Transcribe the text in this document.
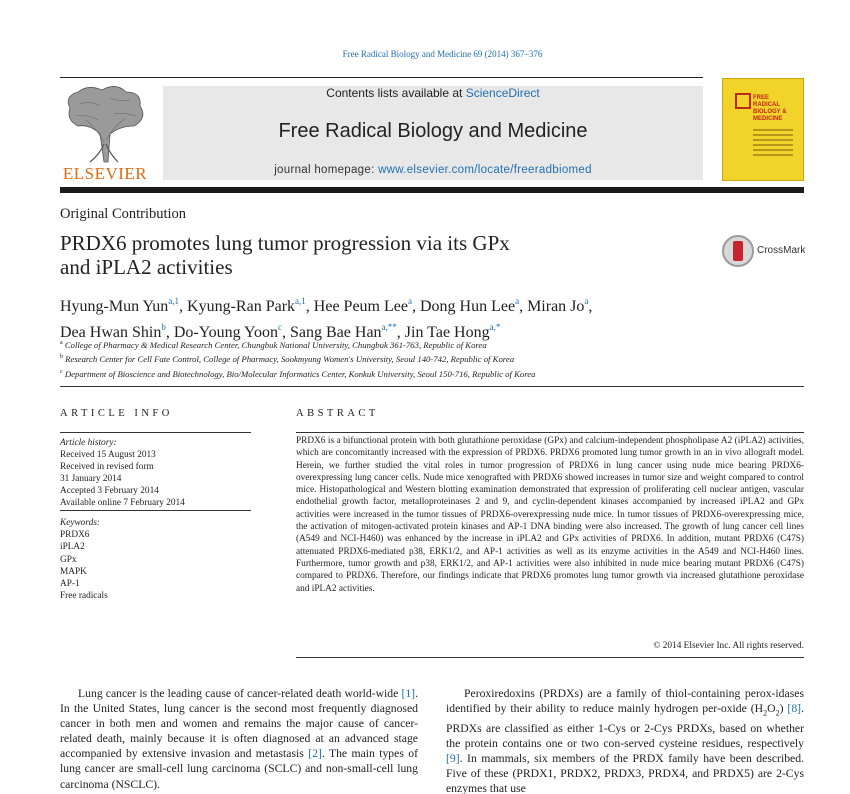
Free Radical Biology and Medicine 69 (2014) 367–376
ELSEVIER
Contents lists available at ScienceDirect
Free Radical Biology and Medicine
journal homepage: www.elsevier.com/locate/freeradbiomed
FREE
RADICAL
BIOLOGY &
MEDICINE
Original Contribution
PRDX6 promotes lung tumor progression via its GPx
and iPLA2 activities
CrossMark
Hyung-Mun Yun$^{a,1}$, Kyung-Ran Park$^{a,1}$, Hee Peum Lee$^a$, Dong Hun Lee$^a$, Miran Jo$^a$,
Dea Hwan Shin$^b$, Do-Young Yoon$^c$, Sang Bae Han$^{a,**}$, Jin Tae Hong$^{a,*}$
$^a$ College of Pharmacy & Medical Research Center, Chungbuk National University, Chungbuk 361-763, Republic of Korea
$^b$ Research Center for Cell Fate Control, College of Pharmacy, Sookmyung Women's University, Seoul 140-742, Republic of Korea
$^c$ Department of Bioscience and Biotechnology, Bio/Molecular Informatics Center, Konkuk University, Seoul 150-716, Republic of Korea
ARTICLE INFO	ABSTRACT
Article history:
Received 15 August 2013
Received in revised form
31 January 2014
Accepted 3 February 2014
Available online 7 February 2014
Keywords:
PRDX6
iPLA2
GPx
MAPK
AP-1
Free radicals
PRDX6 is a bifunctional protein with both glutathione peroxidase (GPx) and calcium-independent phospholipase A2 (iPLA2) activities, which are concomitantly increased with the expression of PRDX6. PRDX6 promoted lung tumor growth in an in vivo allograft model. Herein, we further studied the vital roles in tumor progression of PRDX6 in lung cancer using nude mice bearing PRDX6-overexpressing lung cancer cells. Nude mice xenografted with PRDX6 showed increases in tumor size and weight compared to control mice. Histopathological and Western blotting examination demonstrated that expression of proliferating cell nuclear antigen, vascular endothelial growth factor, metalloproteinases 2 and 9, and cyclin-dependent kinases accompanied by increased iPLA2 and GPx activities were increased in the tumor tissues of PRDX6-overexpressing nude mice. In tumor tissues of PRDX6-overexpressing mice, the activation of mitogen-activated protein kinases and AP-1 DNA binding were also increased. The growth of lung cancer cell lines (A549 and NCI-H460) was enhanced by the increase in iPLA2 and GPx activities of PRDX6. In addition, mutant PRDX6 (C47S) attenuated PRDX6-mediated p38, ERK1/2, and AP-1 activities as well as its enzyme activities in the A549 and NCI-H460 lines. Furthermore, tumor growth and p38, ERK1/2, and AP-1 activities were also inhibited in nude mice bearing mutant PRDX6 (C47S) compared to PRDX6. Therefore, our findings indicate that PRDX6 promotes lung tumor growth via increased glutathione peroxidase and iPLA2 activities.
© 2014 Elsevier Inc. All rights reserved.

Lung cancer is the leading cause of cancer-related death world-wide [1]. In the United States, lung cancer is the second most frequently diagnosed cancer in both men and women and remains the major cause of cancer-related death, mainly because it is often diagnosed at an advanced stage accompanied by extensive invasion and metastasis [2]. The main types of lung cancer are small-cell lung carcinoma (SCLC) and non-small-cell lung carcinoma (NSCLC).

Peroxiredoxins (PRDXs) are a family of thiol-containing perox-idases identified by their ability to reduce mainly hydrogen per-oxide $(H_2O_2)$ [8]. PRDXs are classified as either 1-Cys or 2-Cys PRDXs, based on whether the protein contains one or two con-served cysteine residues, respectively [9]. In mammals, six members of the PRDX family have been described. Five of these (PRDX1, PRDX2, PRDX3, PRDX4, and PRDX5) are 2-Cys enzymes that use
